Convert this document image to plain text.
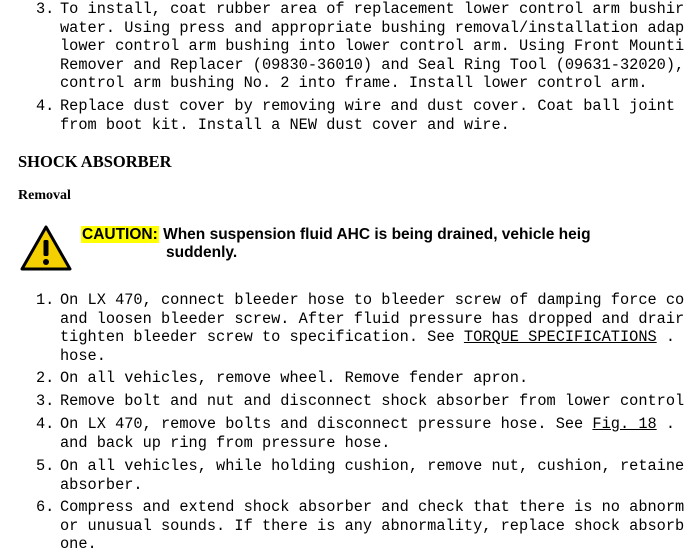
3. To install, coat rubber area of replacement lower control arm bushir
water. Using press and appropriate bushing removal/installation adap
lower control arm bushing into lower control arm. Using Front Mounti
Remover and Replacer (09830-36010) and Seal Ring Tool (09631-32020),
control arm bushing No. 2 into frame. Install lower control arm.
4. Replace dust cover by removing wire and dust cover. Coat ball joint
from boot kit. Install a NEW dust cover and wire.
SHOCK ABSORBER
Removal
CAUTION: When suspension fluid AHC is being drained, vehicle heig
suddenly.
1. On LX 470, connect bleeder hose to bleeder screw of damping force co
and loosen bleeder screw. After fluid pressure has dropped and drair
tighten bleeder screw to specification. See TORQUE SPECIFICATIONS .
hose.
2. On all vehicles, remove wheel. Remove fender apron.
3. Remove bolt and nut and disconnect shock absorber from lower control
4. On LX 470, remove bolts and disconnect pressure hose. See Fig. 18 .
and back up ring from pressure hose.
5. On all vehicles, while holding cushion, remove nut, cushion, retaine
absorber.
6. Compress and extend shock absorber and check that there is no abnorm
or unusual sounds. If there is any abnormality, replace shock absorb
one.
